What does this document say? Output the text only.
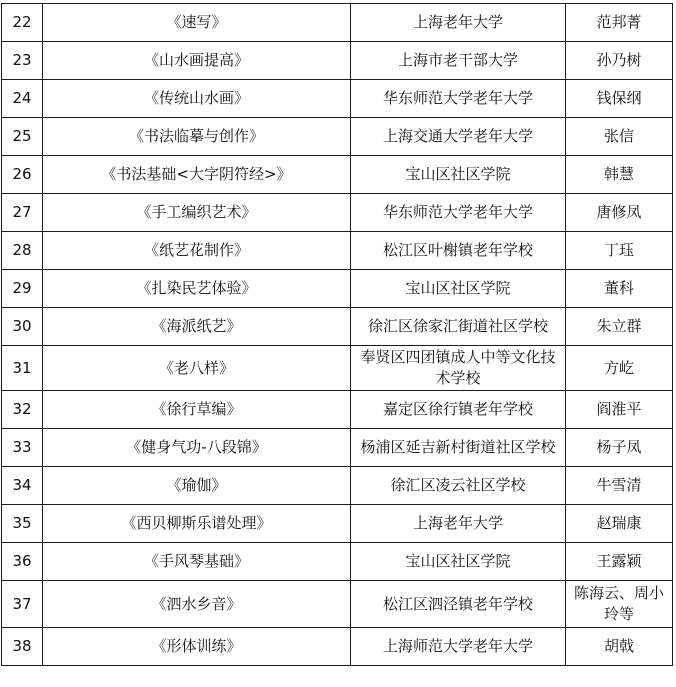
22	《速写》	上海老年大学	范邦菁
23	《山水画提高》	上海市老干部大学	孙乃树
24	《传统山水画》	华东师范大学老年大学	钱保纲
25	《书法临摹与创作》	上海交通大学老年大学	张信
26	《书法基础<大字阴符经>》	宝山区社区学院	韩慧
27	《手工编织艺术》	华东师范大学老年大学	唐修凤
28	《纸艺花制作》	松江区叶榭镇老年学校	丁珏
29	《扎染民艺体验》	宝山区社区学院	董科
30	《海派纸艺》	徐汇区徐家汇街道社区学校	朱立群
31	《老八样》	奉贤区四团镇成人中等文化技术学校	方屹
32	《徐行草编》	嘉定区徐行镇老年学校	阎淮平
33	《健身气功-八段锦》	杨浦区延吉新村街道社区学校	杨子凤
34	《瑜伽》	徐汇区凌云社区学校	牛雪清
35	《西贝柳斯乐谱处理》	上海老年大学	赵瑞康
36	《手风琴基础》	宝山区社区学院	王露颖
37	《泗水乡音》	松江区泗泾镇老年学校	陈海云、周小玲等
38	《形体训练》	上海师范大学老年大学	胡戟
